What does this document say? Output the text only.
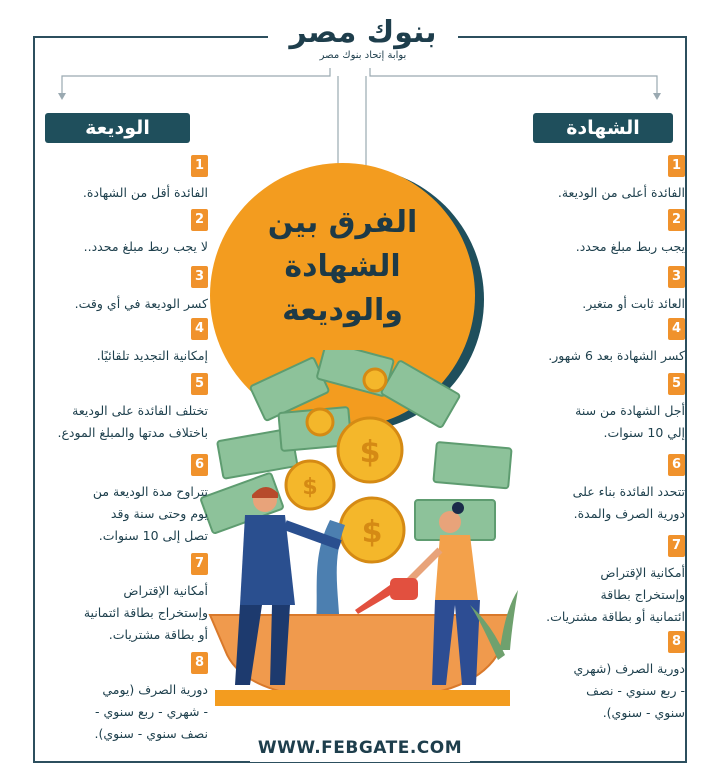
بنوك مصر
بوابة إتحاد بنوك مصر
الشهادة
الوديعة
الفرق بين
الشهادة
والوديعة
$
$
$
1
الفائدة أعلى من الوديعة.
2
يجب ربط مبلغ محدد.
3
العائد ثابت أو متغير.
4
كسر الشهادة بعد 6 شهور.
5
أجل الشهادة من سنة
إلي 10 سنوات.
6
تتحدد الفائدة بناء على
دورية الصرف والمدة.
7
أمكانية الإقتراض
وإستخراج بطاقة
ائتمانية أو بطاقة مشتريات.
8
دورية الصرف (شهري
- ربع سنوي - نصف
سنوي - سنوي).
1
الفائدة أقل من الشهادة.
2
لا يجب ربط مبلغ محدد..
3
كسر الوديعة في أي وقت.
4
إمكانية التجديد تلقائيًا.
5
تختلف الفائدة على الوديعة
باختلاف مدتها والمبلغ المودع.
6
تتراوح مدة الوديعة من
يوم وحتى سنة وقد
تصل إلى 10 سنوات.
7
أمكانية الإقتراض
وإستخراج بطاقة ائتمانية
أو بطاقة مشتريات.
8
دورية الصرف (يومي
- شهري - ربع سنوي -
نصف سنوي - سنوي).
WWW.FEBGATE.COM
